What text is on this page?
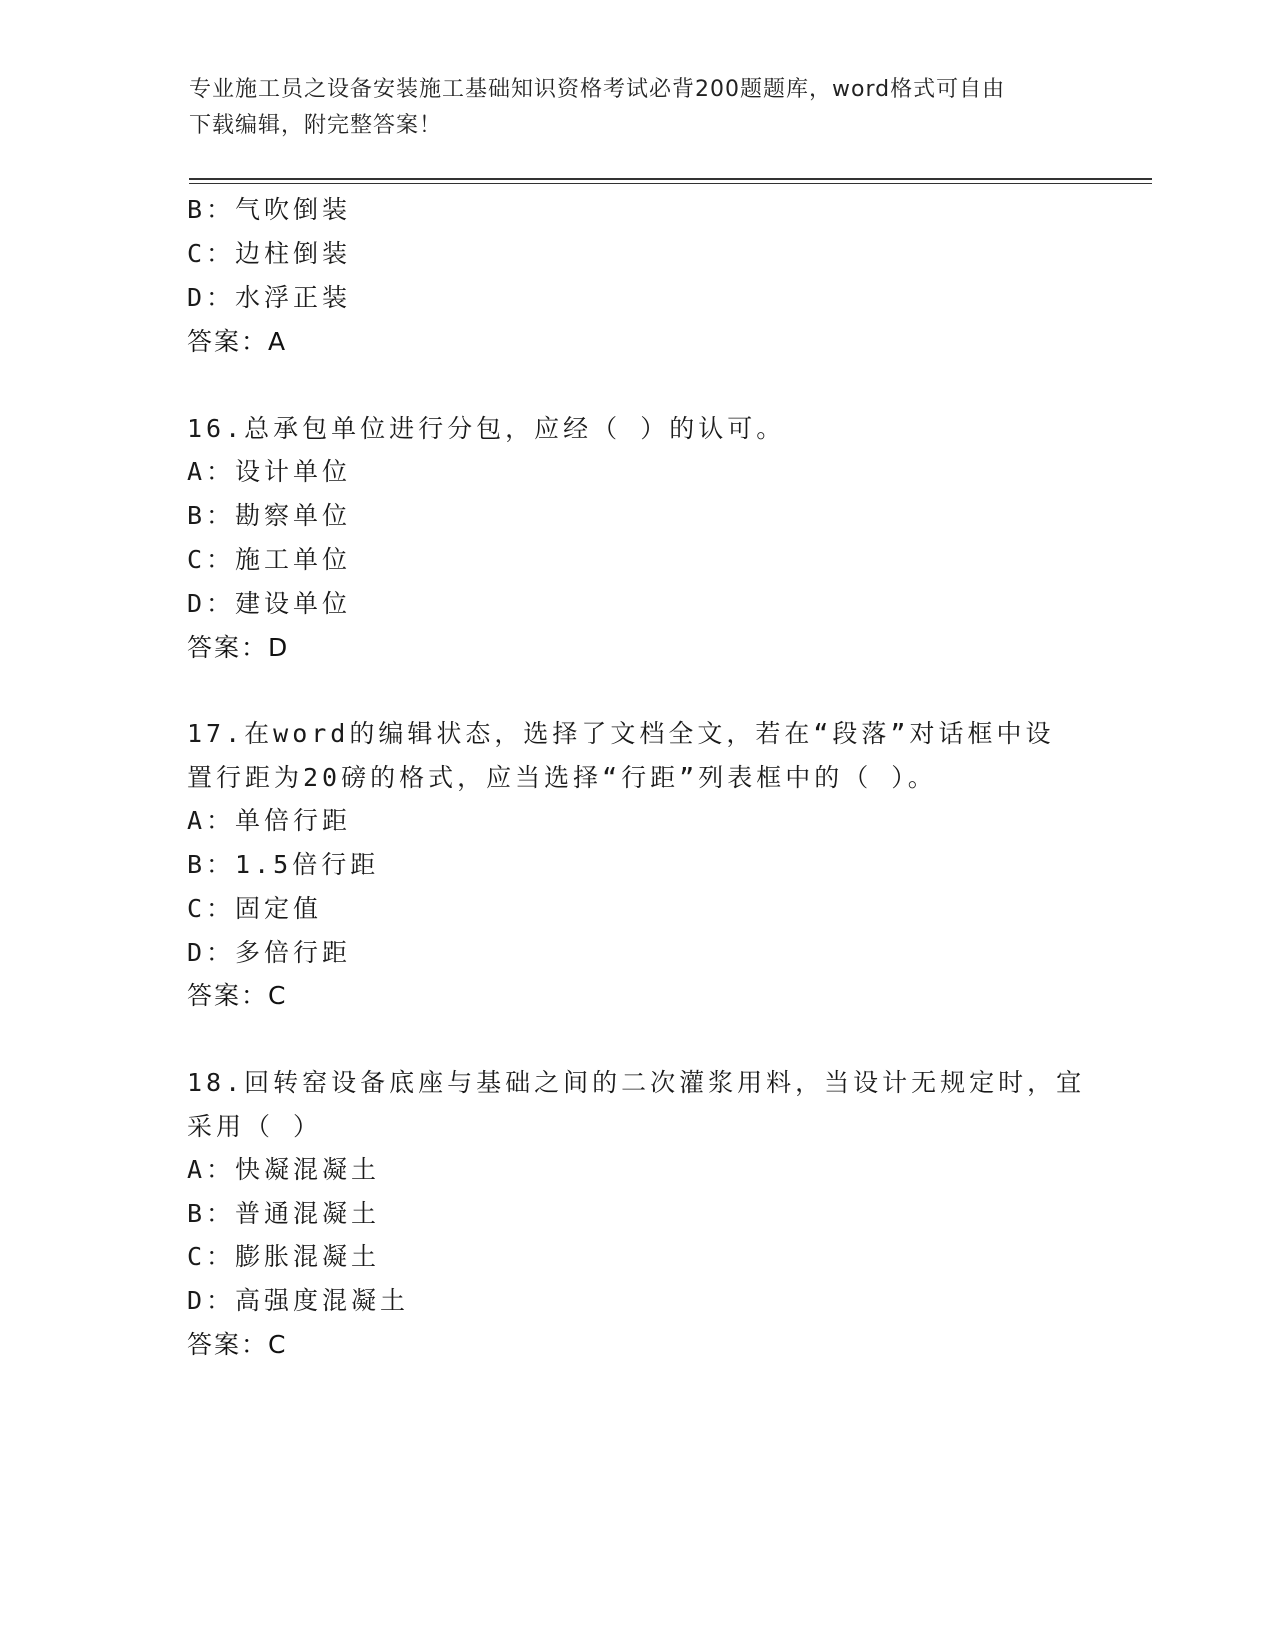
专业施工员之设备安装施工基础知识资格考试必背200题题库，word格式可自由
下载编辑，附完整答案！
B：气吹倒装
C：边柱倒装
D：水浮正装
答案：A
16.总承包单位进行分包，应经（ ）的认可。
A：设计单位
B：勘察单位
C：施工单位
D：建设单位
答案：D
17.在word的编辑状态，选择了文档全文，若在“段落”对话框中设
置行距为20磅的格式，应当选择“行距”列表框中的（ ）。
A：单倍行距
B：1.5倍行距
C：固定值
D：多倍行距
答案：C
18.回转窑设备底座与基础之间的二次灌浆用料，当设计无规定时，宜
采用（ ）
A：快凝混凝土
B：普通混凝土
C：膨胀混凝土
D：高强度混凝土
答案：C
